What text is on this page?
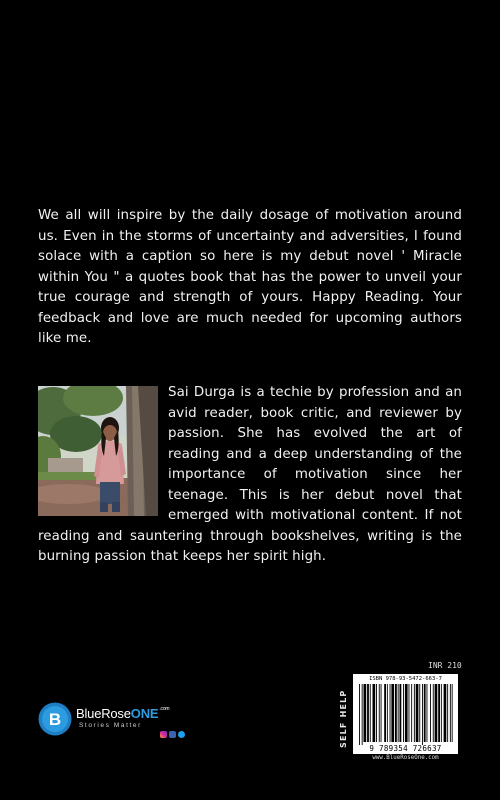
We all will inspire by the daily dosage of motivation around us. Even in the storms of uncertainty and adversities, I found solace with a caption so here is my debut novel ' Miracle within You " a quotes book that has the power to unveil your true courage and strength of yours. Happy Reading. Your feedback and love are much needed for upcoming authors like me.
Sai Durga is a techie by profession and an avid reader, book critic, and reviewer by passion. She has evolved the art of reading and a deep understanding of the importance of motivation since her teenage. This is her debut novel that emerged with motivational content. If not reading and sauntering through bookshelves, writing is the burning passion that keeps her spirit high.
INR 210
SELF HELP
ISBN 978-93-5472-663-7
9 789354 726637
www.BlueRoseOne.com
B BlueRoseONE$^{.com}$
Stories Matter
